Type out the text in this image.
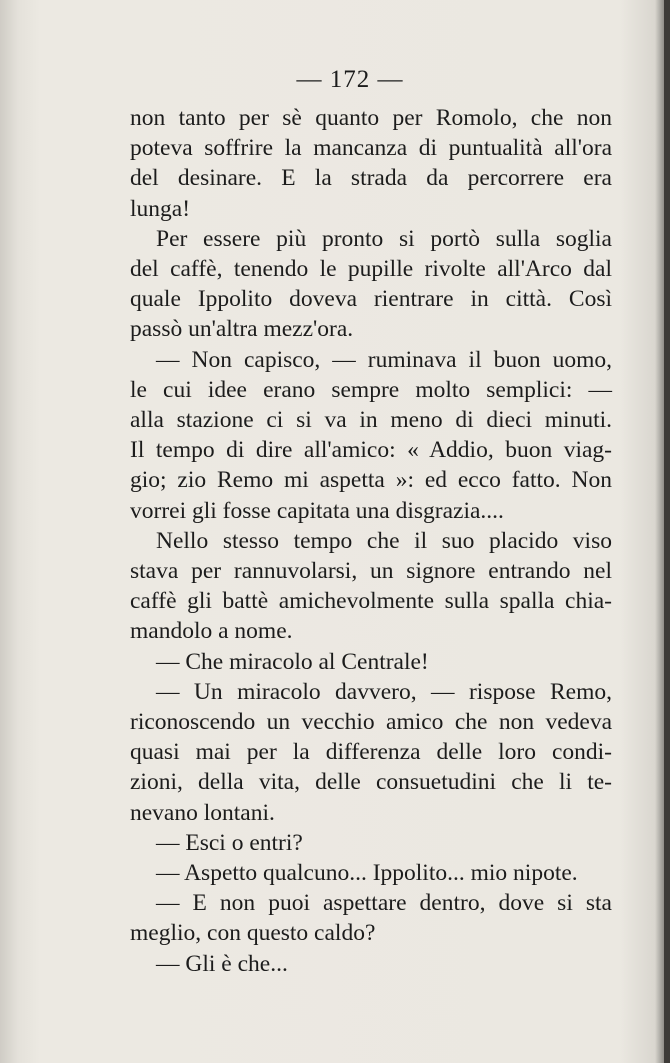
— 172 —

non tanto per sè quanto per Romolo, che non

poteva soffrire la mancanza di puntualità all'ora

del desinare. E la strada da percorrere era

lunga!

Per essere più pronto si portò sulla soglia

del caffè, tenendo le pupille rivolte all'Arco dal

quale Ippolito doveva rientrare in città. Così

passò un'altra mezz'ora.

— Non capisco, — ruminava il buon uomo,

le cui idee erano sempre molto semplici: —

alla stazione ci si va in meno di dieci minuti.

Il tempo di dire all'amico: « Addio, buon viag-

gio; zio Remo mi aspetta »: ed ecco fatto. Non

vorrei gli fosse capitata una disgrazia....

Nello stesso tempo che il suo placido viso

stava per rannuvolarsi, un signore entrando nel

caffè gli battè amichevolmente sulla spalla chia-

mandolo a nome.

— Che miracolo al Centrale!

— Un miracolo davvero, — rispose Remo,

riconoscendo un vecchio amico che non vedeva

quasi mai per la differenza delle loro condi-

zioni, della vita, delle consuetudini che li te-

nevano lontani.

— Esci o entri?

— Aspetto qualcuno... Ippolito... mio nipote.

— E non puoi aspettare dentro, dove si sta

meglio, con questo caldo?

— Gli è che...
